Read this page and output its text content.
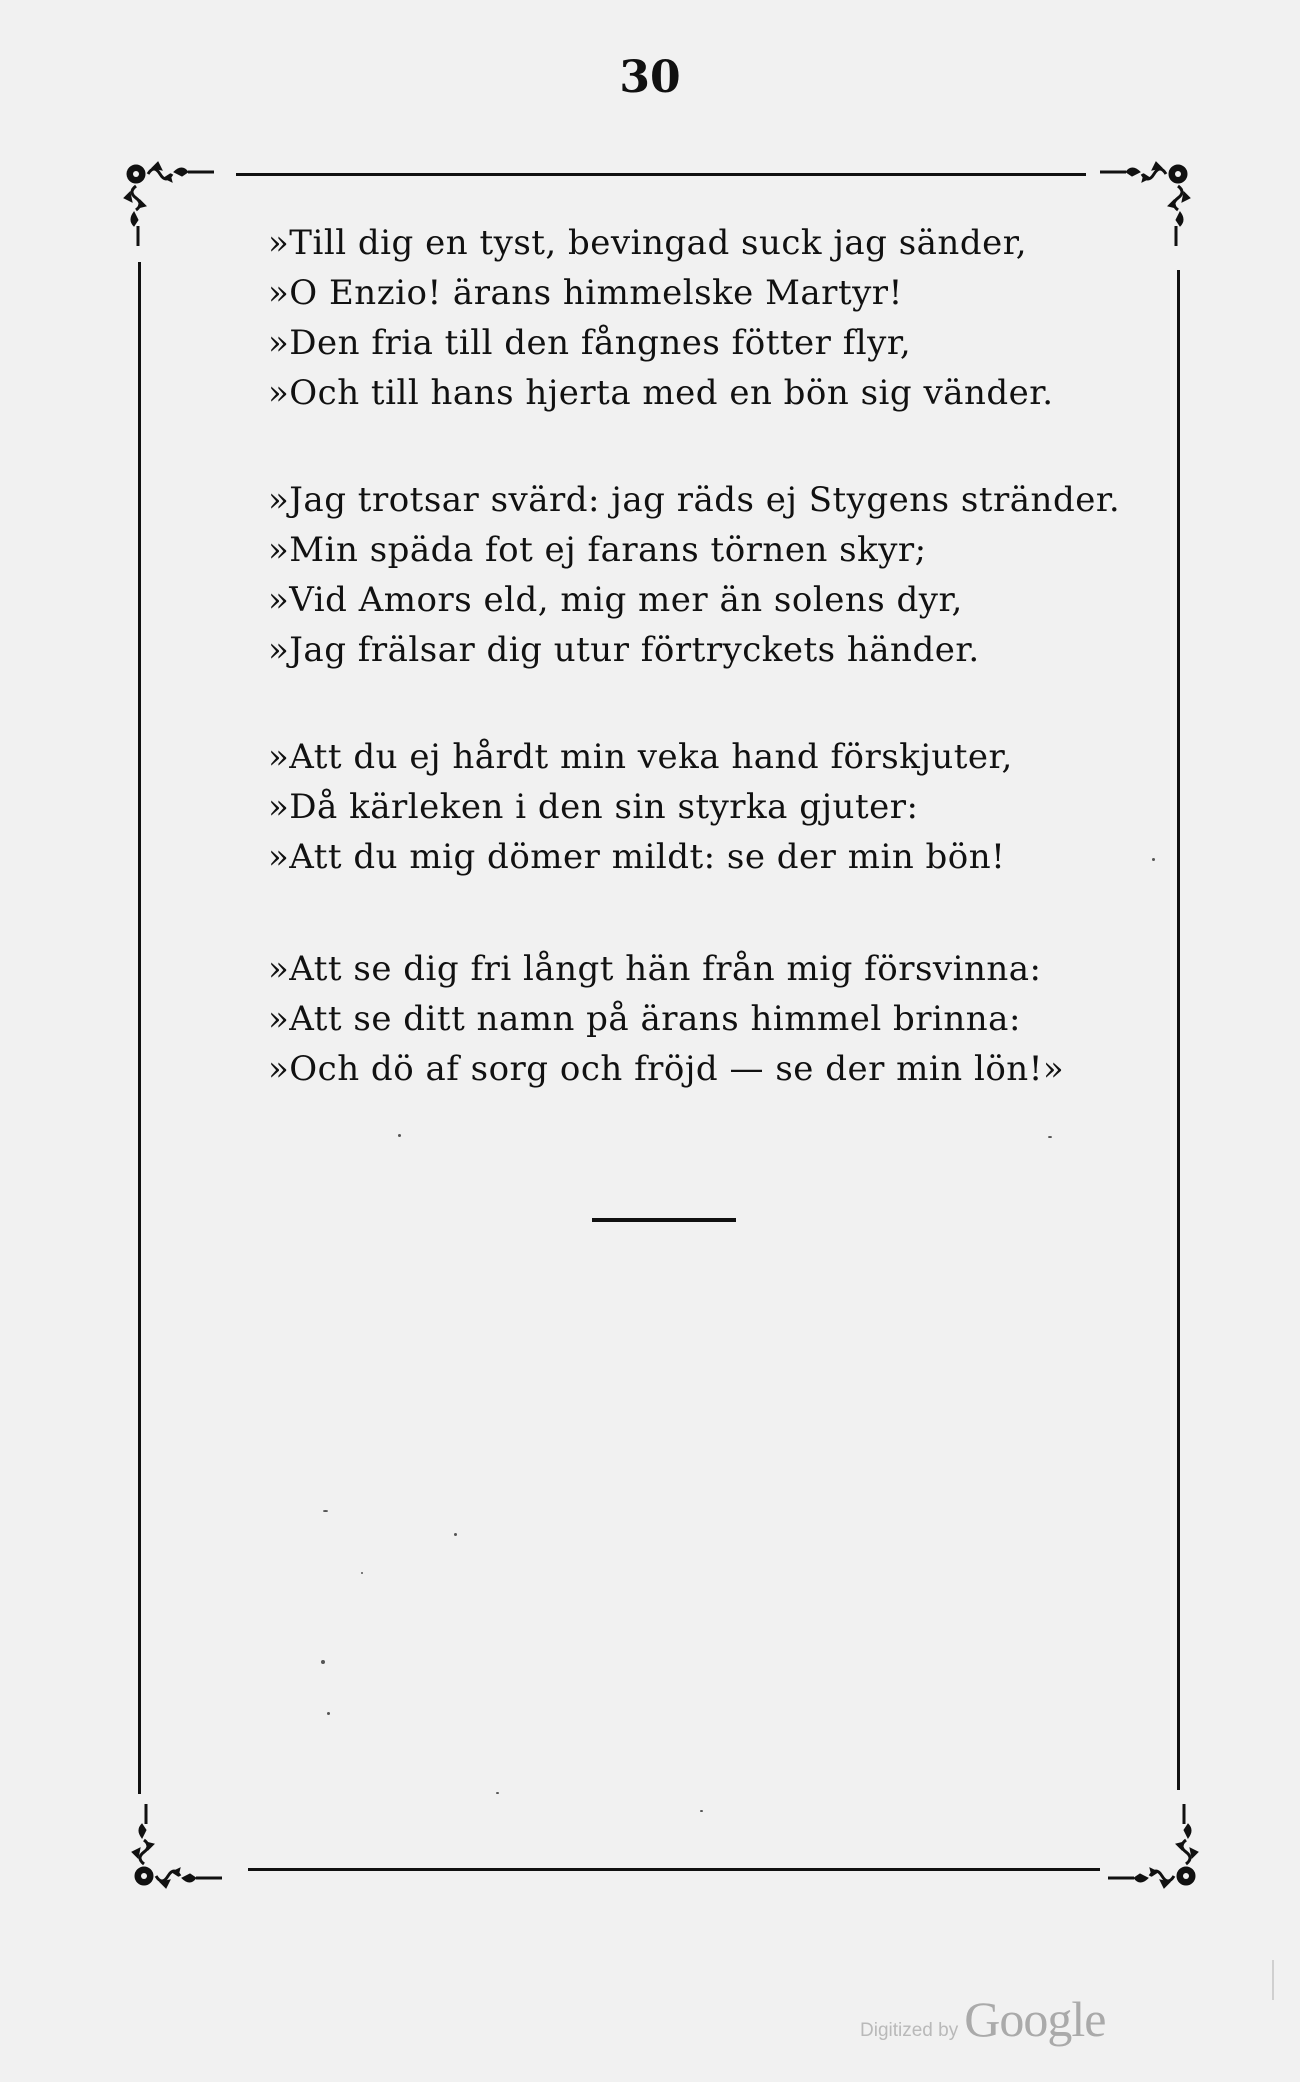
30
»Till dig en tyst, bevingad suck jag sänder,
»O Enzio! ärans himmelske Martyr!
»Den fria till den fångnes fötter flyr,
»Och till hans hjerta med en bön sig vänder.
»Jag trotsar svärd: jag räds ej Stygens stränder.
»Min späda fot ej farans törnen skyr;
»Vid Amors eld, mig mer än solens dyr,
»Jag frälsar dig utur förtryckets händer.
»Att du ej hårdt min veka hand förskjuter,
»Då kärleken i den sin styrka gjuter:
»Att du mig dömer mildt: se der min bön!
»Att se dig fri långt hän från mig försvinna:
»Att se ditt namn på ärans himmel brinna:
»Och dö af sorg och fröjd — se der min lön!»
Digitized by Google
